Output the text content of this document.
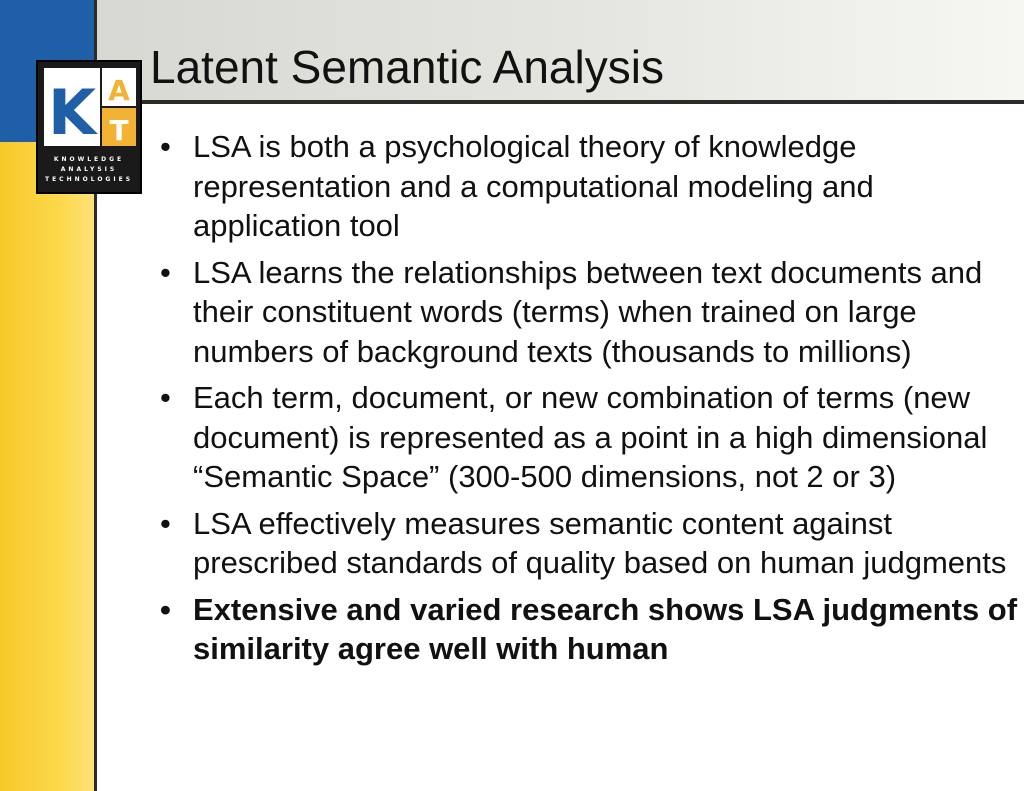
Latent Semantic Analysis
K A
T
KNOWLEDGE
ANALYSIS
TECHNOLOGIES
• LSA is both a psychological theory of knowledge representation and a computational modeling and application tool
• LSA learns the relationships between text documents and their constituent words (terms) when trained on large numbers of background texts (thousands to millions)
• Each term, document, or new combination of terms (new document) is represented as a point in a high dimensional “Semantic Space” (300-500 dimensions, not 2 or 3)
• LSA effectively measures semantic content against prescribed standards of quality based on human judgments
• Extensive and varied research shows LSA judgments of similarity agree well with human
